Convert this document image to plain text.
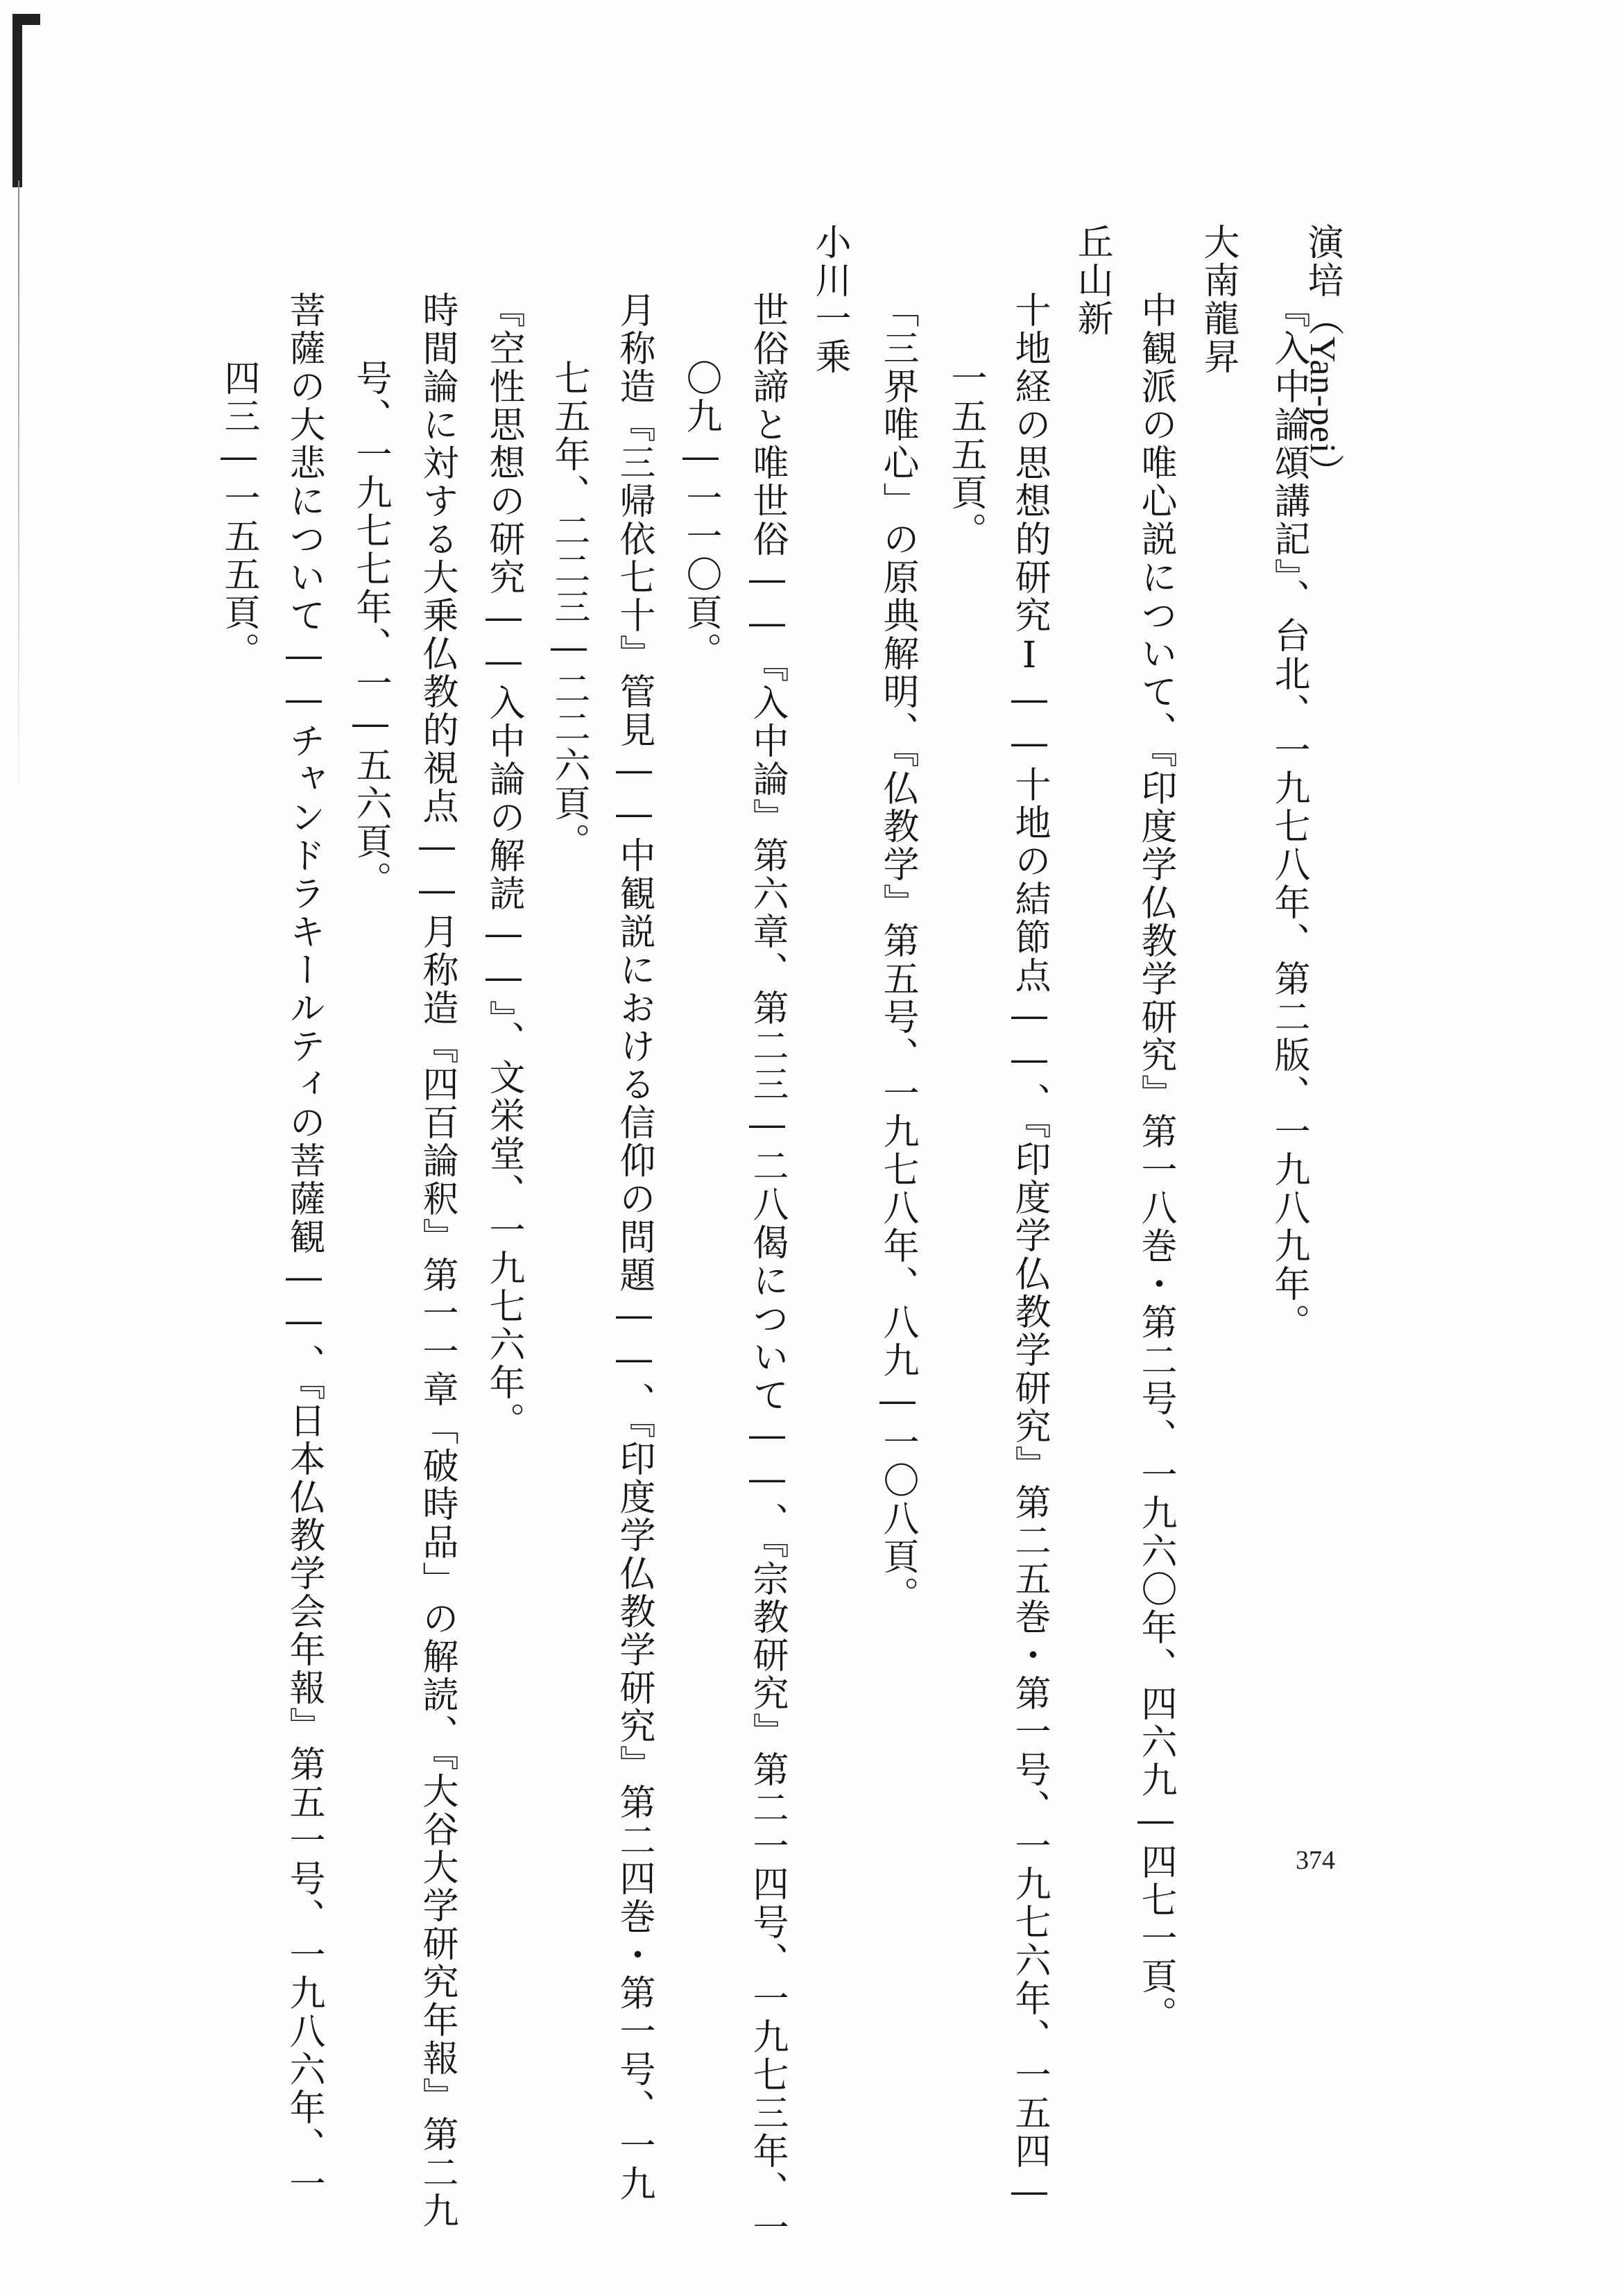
演培（Yan-pei）
『入中論頌講記』、台北、一九七八年、第二版、一九八九年。
大南龍昇
中観派の唯心説について、『印度学仏教学研究』第一八巻・第二号、一九六〇年、四六九―四七一頁。
丘山新
十地経の思想的研究Ⅰ――十地の結節点――、『印度学仏教学研究』第二五巻・第一号、一九七六年、一五四―
一五五頁。
「三界唯心」の原典解明、『仏教学』第五号、一九七八年、八九―一〇八頁。
小川一乗
世俗諦と唯世俗――『入中論』第六章、第二三―二八偈について――、『宗教研究』第二一四号、一九七三年、一
〇九―一一〇頁。
月称造『三帰依七十』管見――中観説における信仰の問題――、『印度学仏教学研究』第二四巻・第一号、一九
七五年、二二三―二二六頁。
『空性思想の研究――入中論の解読――』、文栄堂、一九七六年。
時間論に対する大乗仏教的視点――月称造『四百論釈』第一一章「破時品」の解読、『大谷大学研究年報』第二九
号、一九七七年、一―五六頁。
菩薩の大悲について――チャンドラキールティの菩薩観――、『日本仏教学会年報』第五一号、一九八六年、一
四三―一五五頁。
374
